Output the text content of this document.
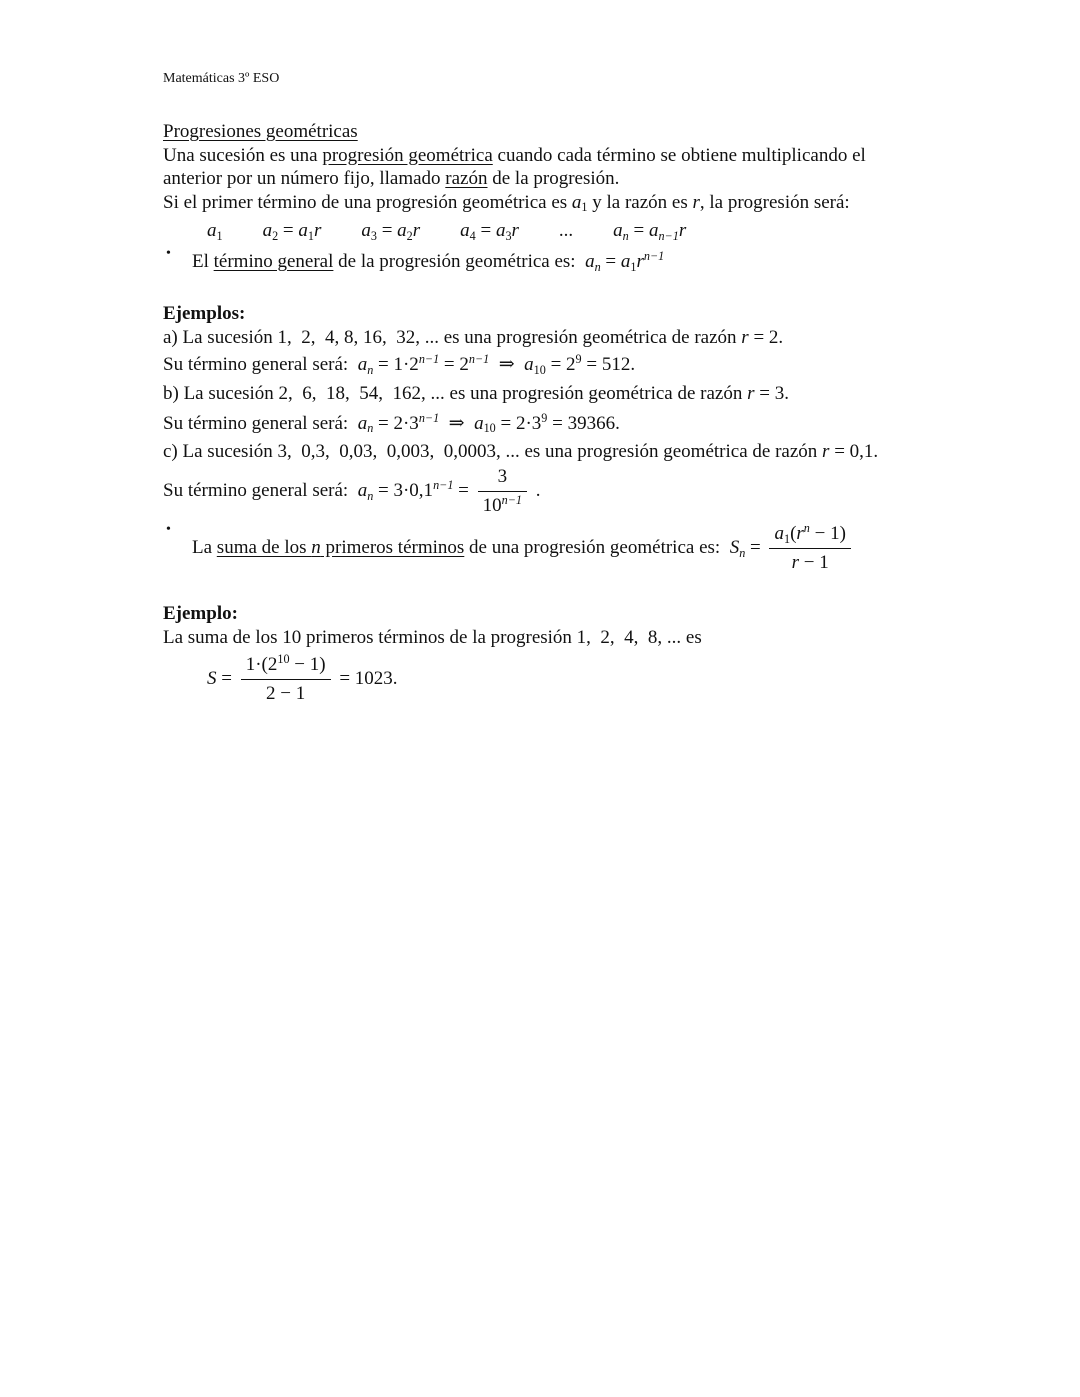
Matemáticas 3º ESO
Progresiones geométricas
Una sucesión es una progresión geométrica cuando cada término se obtiene multiplicando el
anterior por un número fijo, llamado razón de la progresión.
Si el primer término de una progresión geométrica es $a_1$ y la razón es r, la progresión será:
$a_1$ $a_2 = a_1r$ $a_3 = a_2r$ $a_4 = a_3r$ ... $a_n = a_{n-1}r$
•	El término general de la progresión geométrica es:  $a_n = a_1r^{n-1}$
Ejemplos:
a) La sucesión 1,  2,  4, 8, 16,  32, ... es una progresión geométrica de razón r = 2.
Su término general será:  $a_n = 1\cdot 2^{n-1} = 2^{n-1}$  ⇒  $a_{10} = 2^9 = 512$.
b) La sucesión 2,  6,  18,  54,  162, ... es una progresión geométrica de razón r = 3.
Su término general será:  $a_n = 2\cdot 3^{n-1}$  ⇒  $a_{10} = 2\cdot 3^9 = 39366$.
c) La sucesión 3,  0,3,  0,03,  0,003,  0,0003, ... es una progresión geométrica de razón r = 0,1.
Su término general será:  $a_n = 3\cdot 0,1^{n-1} = \frac{3}{10^{n-1}}$ .
•
La suma de los n primeros términos de una progresión geométrica es:  $S_n = \frac{a_1(r^n - 1)}{r - 1}$
Ejemplo:
La suma de los 10 primeros términos de la progresión 1,  2,  4,  8, ... es
$S = \frac{1\cdot(2^{10} - 1)}{2 - 1} = 1023$.
